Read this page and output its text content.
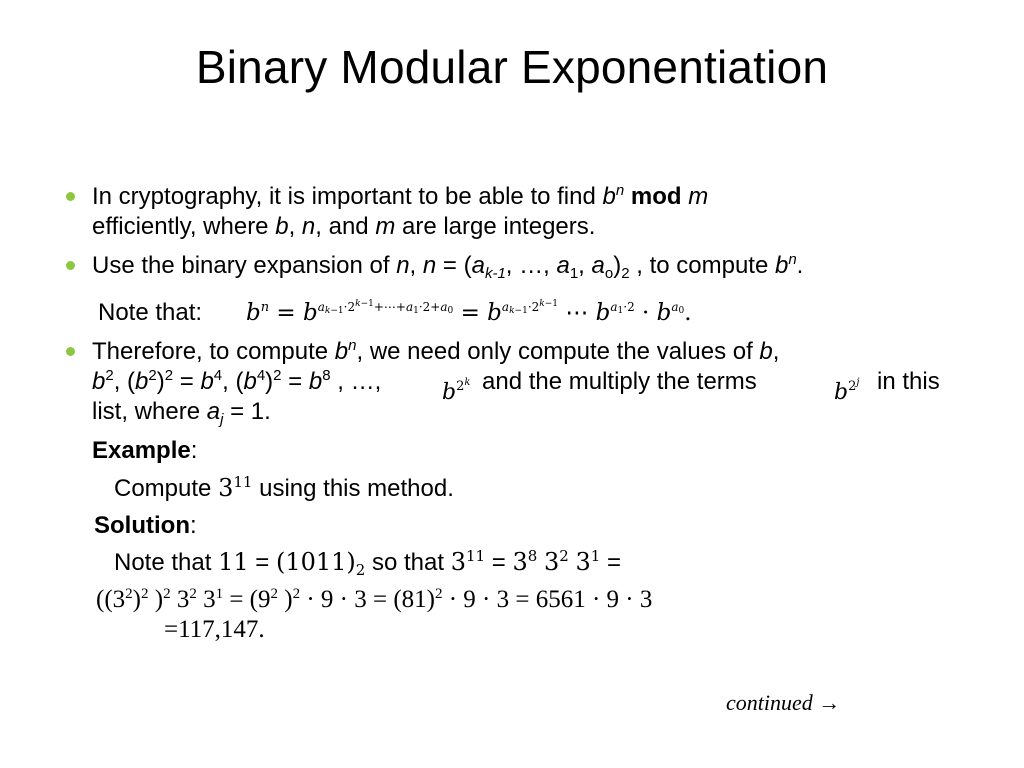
Binary Modular Exponentiation
In cryptography, it is important to be able to find $b^n$ mod m
efficiently, where b, n, and m are large integers.
Use the binary expansion of n, $n = (a_{k-1}$, …, $a_1$, $a_o)_2$ , to compute $b^n$.
Note that: $b^n = b^{a_{k-1}\cdot 2^{k-1}+\cdots+a_1\cdot 2+a_0} = b^{a_{k-1}\cdot 2^{k-1}}$ ⋯ $b^{a_1\cdot 2} \cdot b^{a_0}$.
Therefore, to compute $b^n$, we need only compute the values of b,
$b^2$, $(b^2)^2 = b^4$, $(b^4)^2 = b^8$ , …,	$b^{2^k}$ and the multiply the terms	$b^{2^j}$ in this
list, where $a_j = 1$.
Example:
Compute $3^{11}$ using this method.
Solution:
Note that $11 = (1011)_2$ so that $3^{11} = 3^8$ $3^2$ $3^1$ =
($(3^2)^2$ )$^2$ $3^2$ $3^1 = (9^2$ )$^2 \cdot 9 \cdot 3 = (81)^2 \cdot 9 \cdot 3 = 6561 \cdot 9 \cdot 3$
=117,147.
continued →
